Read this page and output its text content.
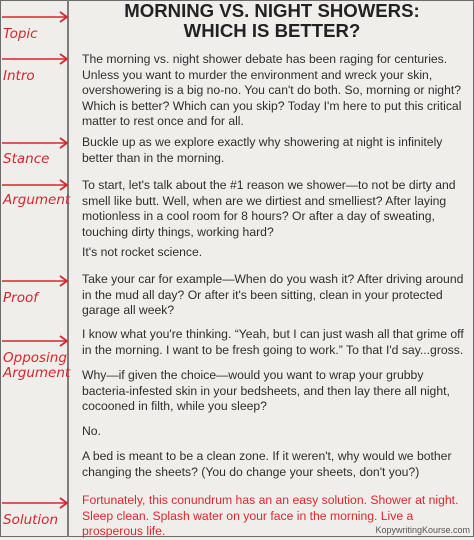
MORNING VS. NIGHT SHOWERS:
WHICH IS BETTER?

The morning vs. night shower debate has been raging for centuries. Unless you want to murder the environment and wreck your skin, overshowering is a big no-no. You can't do both. So, morning or night? Which is better? Which can you skip? Today I'm here to put this critical matter to rest once and for all.

Buckle up as we explore exactly why showering at night is infinitely better than in the morning.

To start, let's talk about the #1 reason we shower—to not be dirty and smell like butt. Well, when are we dirtiest and smelliest? After laying motionless in a cool room for 8 hours? Or after a day of sweating, touching dirty things, working hard?

It's not rocket science.

Take your car for example—When do you wash it? After driving around in the mud all day? Or after it's been sitting, clean in your protected garage all week?

I know what you're thinking. “Yeah, but I can just wash all that grime off in the morning. I want to be fresh going to work.” To that I'd say...gross.

Why—if given the choice—would you want to wrap your grubby bacteria-infested skin in your bedsheets, and then lay there all night, cocooned in filth, while you sleep?

No.

A bed is meant to be a clean zone. If it weren't, why would we bother changing the sheets? (You do change your sheets, don't you?)

Fortunately, this conundrum has an an easy solution. Shower at night. Sleep clean. Splash water on your face in the morning. Live a prosperous life.

Topic
Intro
Stance
Argument
Proof
Opposing
Argument
Solution
KopywritingKourse.com
